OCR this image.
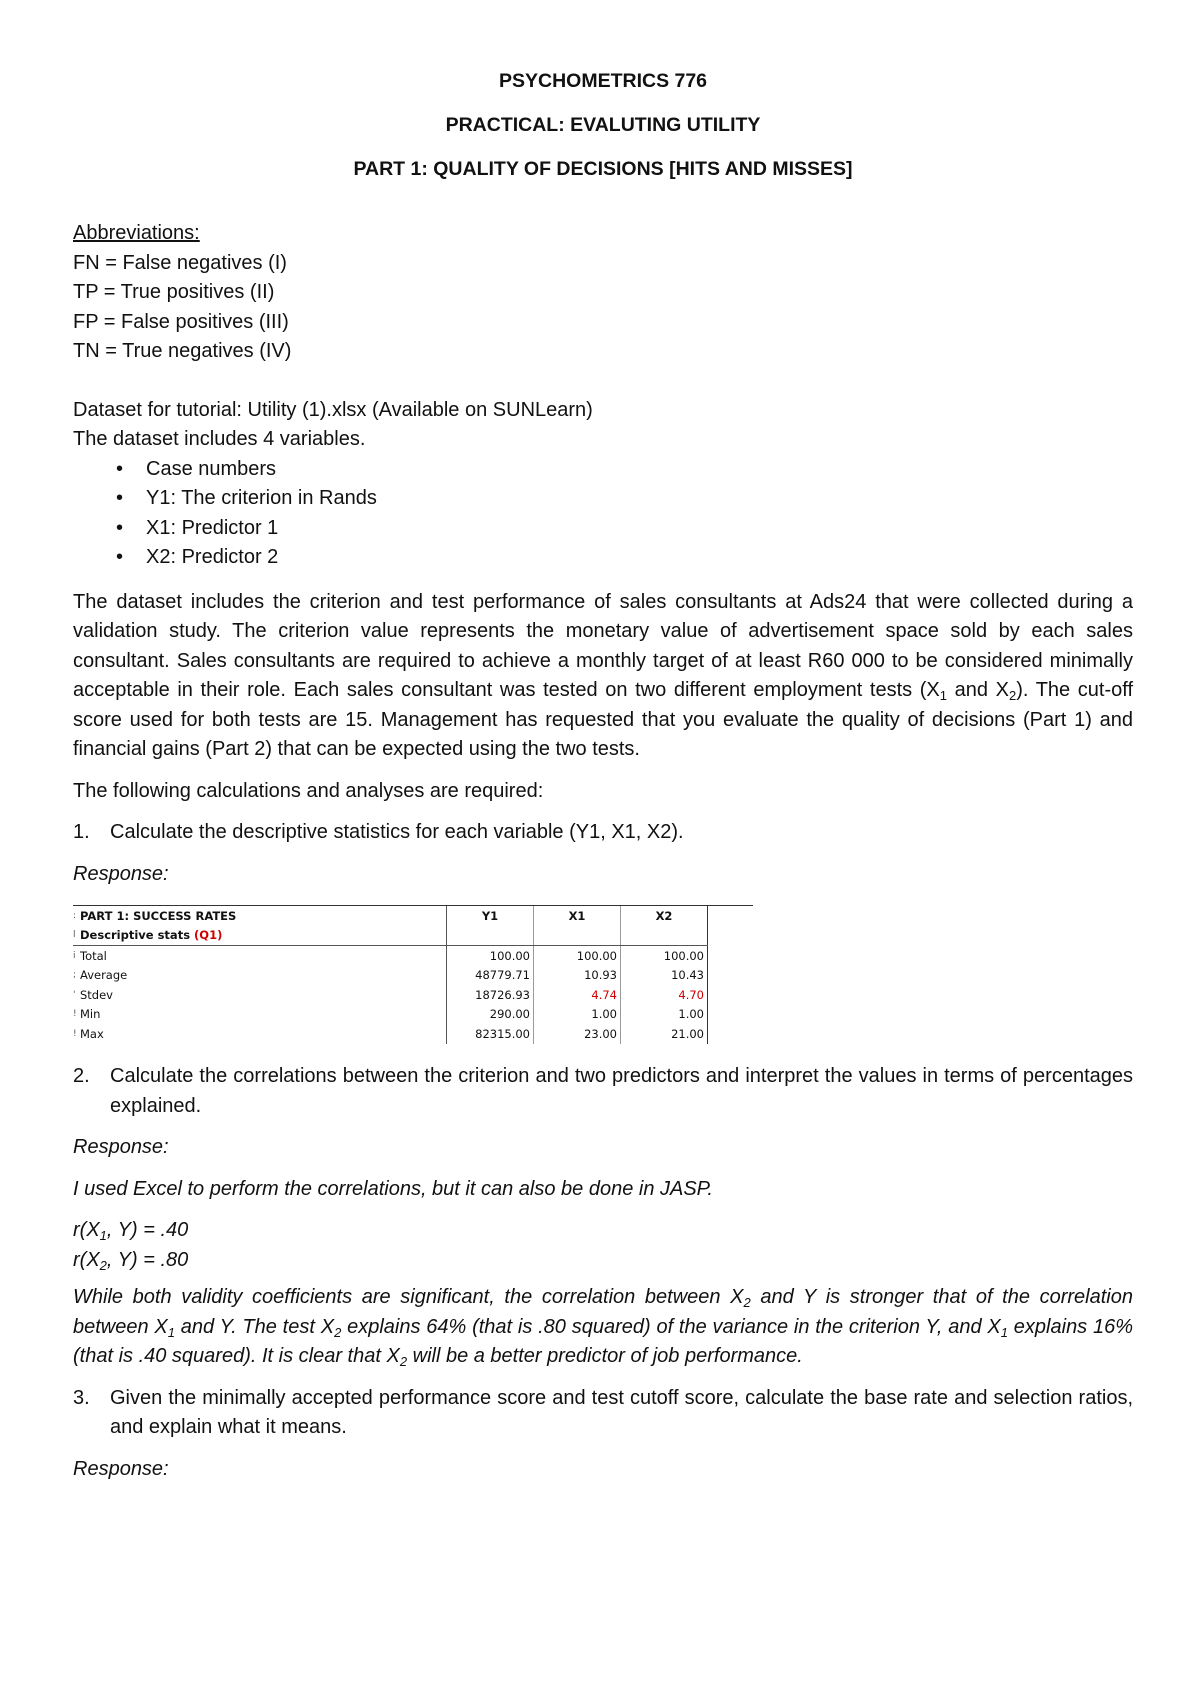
PSYCHOMETRICS 776
PRACTICAL: EVALUTING UTILITY
PART 1: QUALITY OF DECISIONS [HITS AND MISSES]
Abbreviations:
FN = False negatives (I)
TP = True positives (II)
FP = False positives (III)
TN = True negatives (IV)
Dataset for tutorial: Utility (1).xlsx (Available on SUNLearn)
The dataset includes 4 variables.
• Case numbers
• Y1: The criterion in Rands
• X1: Predictor 1
• X2: Predictor 2

The dataset includes the criterion and test performance of sales consultants at Ads24 that were collected during a validation study. The criterion value represents the monetary value of advertisement space sold by each sales consultant. Sales consultants are required to achieve a monthly target of at least R60 000 to be considered minimally acceptable in their role. Each sales consultant was tested on two different employment tests ($X_1$ and $X_2$). The cut-off score used for both tests are 15. Management has requested that you evaluate the quality of decisions (Part 1) and financial gains (Part 2) that can be expected using the two tests.

The following calculations and analyses are required:

1. Calculate the descriptive statistics for each variable (Y1, X1, X2).
Response:
:	PART 1: SUCCESS RATES	Y1	X1	X2
l	Descriptive stats (Q1)			
i	Total	100.00	100.00	100.00
;	Average	48779.71	10.93	10.43
'	Stdev	18726.93	4.74	4.70
!	Min	290.00	1.00	1.00
!	Max	82315.00	23.00	21.00
2. Calculate the correlations between the criterion and two predictors and interpret the values in terms of percentages explained.
Response:
I used Excel to perform the correlations, but it can also be done in JASP.
$r(X_1$, Y) = .40
$r(X_2$, Y) = .80

While both validity coefficients are significant, the correlation between $X_2$ and Y is stronger that of the correlation between $X_1$ and Y. The test $X_2$ explains 64% (that is .80 squared) of the variance in the criterion Y, and $X_1$ explains 16% (that is .40 squared). It is clear that $X_2$ will be a better predictor of job performance.

3. Given the minimally accepted performance score and test cutoff score, calculate the base rate and selection ratios, and explain what it means.
Response:
